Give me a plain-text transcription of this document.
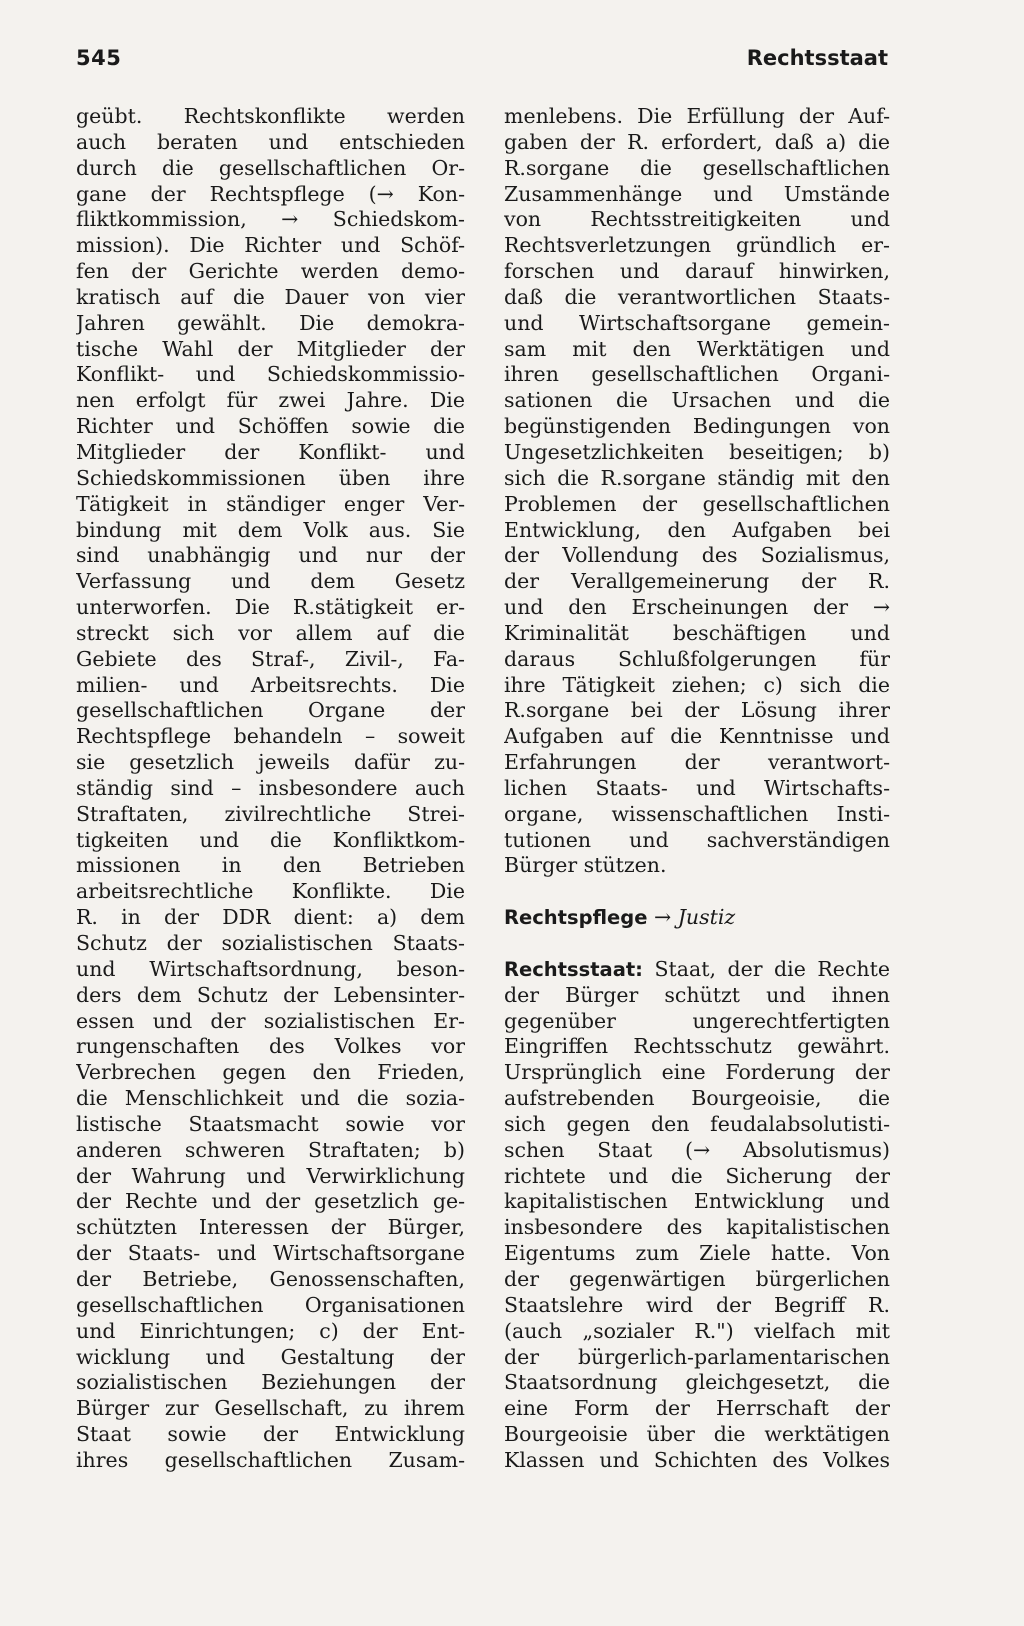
545	Rechtsstaat
geübt. Rechtskonflikte werden
auch beraten und entschieden
durch die gesellschaftlichen Or-
gane der Rechtspflege (→ Kon-
fliktkommission, → Schiedskom-
mission). Die Richter und Schöf-
fen der Gerichte werden demo-
kratisch auf die Dauer von vier
Jahren gewählt. Die demokra-
tische Wahl der Mitglieder der
Konflikt- und Schiedskommissio-
nen erfolgt für zwei Jahre. Die
Richter und Schöffen sowie die
Mitglieder der Konflikt- und
Schiedskommissionen üben ihre
Tätigkeit in ständiger enger Ver-
bindung mit dem Volk aus. Sie
sind unabhängig und nur der
Verfassung und dem Gesetz
unterworfen. Die R.stätigkeit er-
streckt sich vor allem auf die
Gebiete des Straf-, Zivil-, Fa-
milien- und Arbeitsrechts. Die
gesellschaftlichen Organe der
Rechtspflege behandeln – soweit
sie gesetzlich jeweils dafür zu-
ständig sind – insbesondere auch
Straftaten, zivilrechtliche Strei-
tigkeiten und die Konfliktkom-
missionen in den Betrieben
arbeitsrechtliche Konflikte. Die
R. in der DDR dient: a) dem
Schutz der sozialistischen Staats-
und Wirtschaftsordnung, beson-
ders dem Schutz der Lebensinter-
essen und der sozialistischen Er-
rungenschaften des Volkes vor
Verbrechen gegen den Frieden,
die Menschlichkeit und die sozia-
listische Staatsmacht sowie vor
anderen schweren Straftaten; b)
der Wahrung und Verwirklichung
der Rechte und der gesetzlich ge-
schützten Interessen der Bürger,
der Staats- und Wirtschaftsorgane
der Betriebe, Genossenschaften,
gesellschaftlichen Organisationen
und Einrichtungen; c) der Ent-
wicklung und Gestaltung der
sozialistischen Beziehungen der
Bürger zur Gesellschaft, zu ihrem
Staat sowie der Entwicklung
ihres gesellschaftlichen Zusam-
menlebens. Die Erfüllung der Auf-
gaben der R. erfordert, daß a) die
R.sorgane die gesellschaftlichen
Zusammenhänge und Umstände
von Rechtsstreitigkeiten und
Rechtsverletzungen gründlich er-
forschen und darauf hinwirken,
daß die verantwortlichen Staats-
und Wirtschaftsorgane gemein-
sam mit den Werktätigen und
ihren gesellschaftlichen Organi-
sationen die Ursachen und die
begünstigenden Bedingungen von
Ungesetzlichkeiten beseitigen; b)
sich die R.sorgane ständig mit den
Problemen der gesellschaftlichen
Entwicklung, den Aufgaben bei
der Vollendung des Sozialismus,
der Verallgemeinerung der R.
und den Erscheinungen der →
Kriminalität beschäftigen und
daraus Schlußfolgerungen für
ihre Tätigkeit ziehen; c) sich die
R.sorgane bei der Lösung ihrer
Aufgaben auf die Kenntnisse und
Erfahrungen der verantwort-
lichen Staats- und Wirtschafts-
organe, wissenschaftlichen Insti-
tutionen und sachverständigen
Bürger stützen.
Rechtspflege → Justiz
Rechtsstaat: Staat, der die Rechte
der Bürger schützt und ihnen
gegenüber ungerechtfertigten
Eingriffen Rechtsschutz gewährt.
Ursprünglich eine Forderung der
aufstrebenden Bourgeoisie, die
sich gegen den feudalabsolutisti-
schen Staat (→ Absolutismus)
richtete und die Sicherung der
kapitalistischen Entwicklung und
insbesondere des kapitalistischen
Eigentums zum Ziele hatte. Von
der gegenwärtigen bürgerlichen
Staatslehre wird der Begriff R.
(auch „sozialer R.") vielfach mit
der bürgerlich-parlamentarischen
Staatsordnung gleichgesetzt, die
eine Form der Herrschaft der
Bourgeoisie über die werktätigen
Klassen und Schichten des Volkes
